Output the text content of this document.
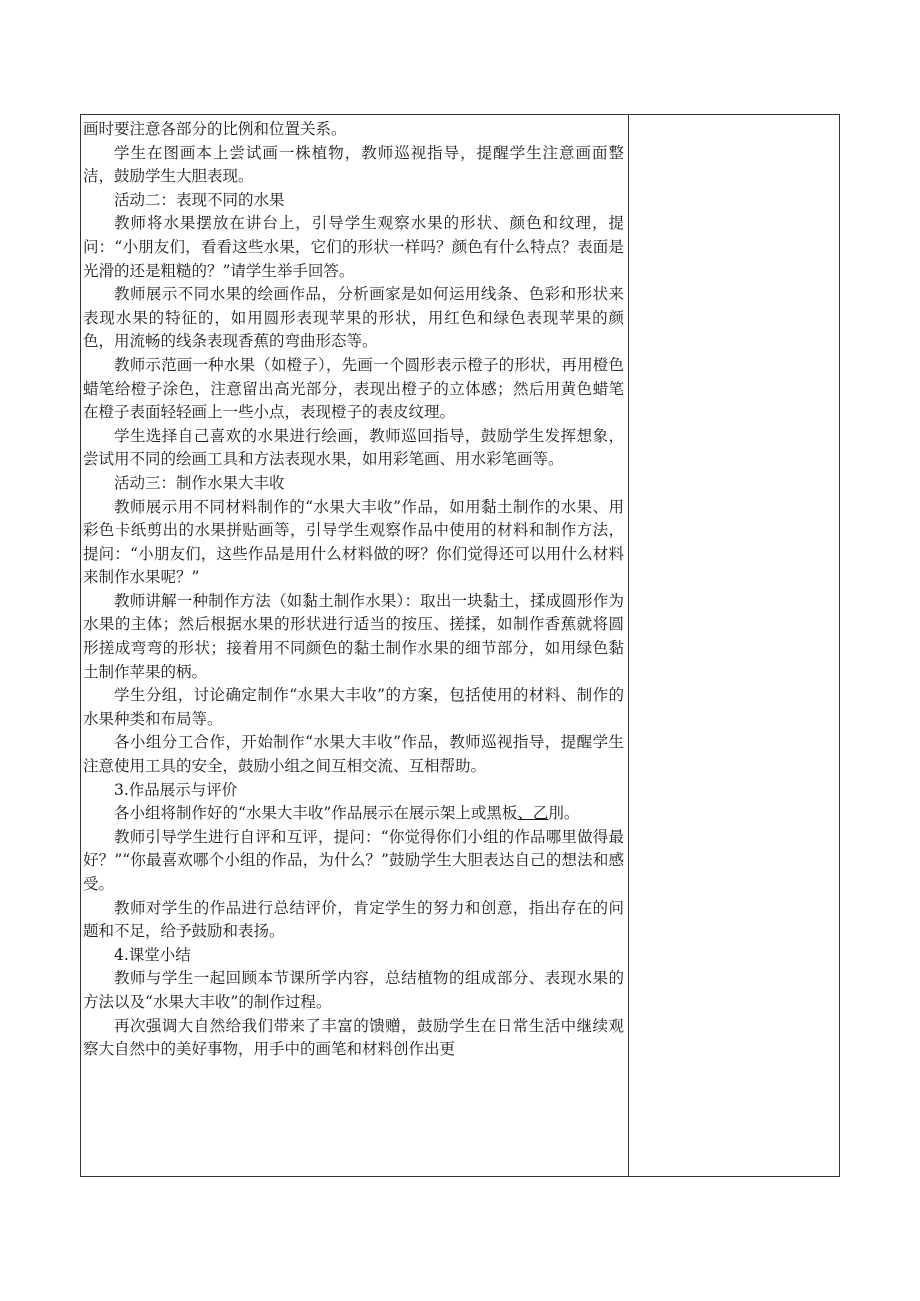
画时要注意各部分的比例和位置关系。

学生在图画本上尝试画一株植物，教师巡视指导，提醒学生注意画面整洁，鼓励学生大胆表现。

活动二：表现不同的水果

教师将水果摆放在讲台上，引导学生观察水果的形状、颜色和纹理，提问：“小朋友们，看看这些水果，它们的形状一样吗？颜色有什么特点？表面是光滑的还是粗糙的？”请学生举手回答。

教师展示不同水果的绘画作品，分析画家是如何运用线条、色彩和形状来表现水果的特征的，如用圆形表现苹果的形状，用红色和绿色表现苹果的颜色，用流畅的线条表现香蕉的弯曲形态等。

教师示范画一种水果（如橙子），先画一个圆形表示橙子的形状，再用橙色蜡笔给橙子涂色，注意留出高光部分，表现出橙子的立体感；然后用黄色蜡笔在橙子表面轻轻画上一些小点，表现橙子的表皮纹理。

学生选择自己喜欢的水果进行绘画，教师巡回指导，鼓励学生发挥想象，尝试用不同的绘画工具和方法表现水果，如用彩笔画、用水彩笔画等。

活动三：制作水果大丰收

教师展示用不同材料制作的“水果大丰收”作品，如用黏土制作的水果、用彩色卡纸剪出的水果拼贴画等，引导学生观察作品中使用的材料和制作方法，提问：“小朋友们，这些作品是用什么材料做的呀？你们觉得还可以用什么材料来制作水果呢？”

教师讲解一种制作方法（如黏土制作水果）：取出一块黏土，揉成圆形作为水果的主体；然后根据水果的形状进行适当的按压、搓揉，如制作香蕉就将圆形搓成弯弯的形状；接着用不同颜色的黏土制作水果的细节部分，如用绿色黏土制作苹果的柄。

学生分组，讨论确定制作“水果大丰收”的方案，包括使用的材料、制作的水果种类和布局等。

各小组分工合作，开始制作“水果大丰收”作品，教师巡视指导，提醒学生注意使用工具的安全，鼓励小组之间互相交流、互相帮助。

3.作品展示与评价

各小组将制作好的“水果大丰收”作品展示在展示架上或黑板、乙刖。

教师引导学生进行自评和互评，提问：“你觉得你们小组的作品哪里做得最好？”“你最喜欢哪个小组的作品，为什么？”鼓励学生大胆表达自己的想法和感受。

教师对学生的作品进行总结评价，肯定学生的努力和创意，指出存在的问题和不足，给予鼓励和表扬。

4.课堂小结

教师与学生一起回顾本节课所学内容，总结植物的组成部分、表现水果的方法以及“水果大丰收”的制作过程。

再次强调大自然给我们带来了丰富的馈赠，鼓励学生在日常生活中继续观察大自然中的美好事物，用手中的画笔和材料创作出更
